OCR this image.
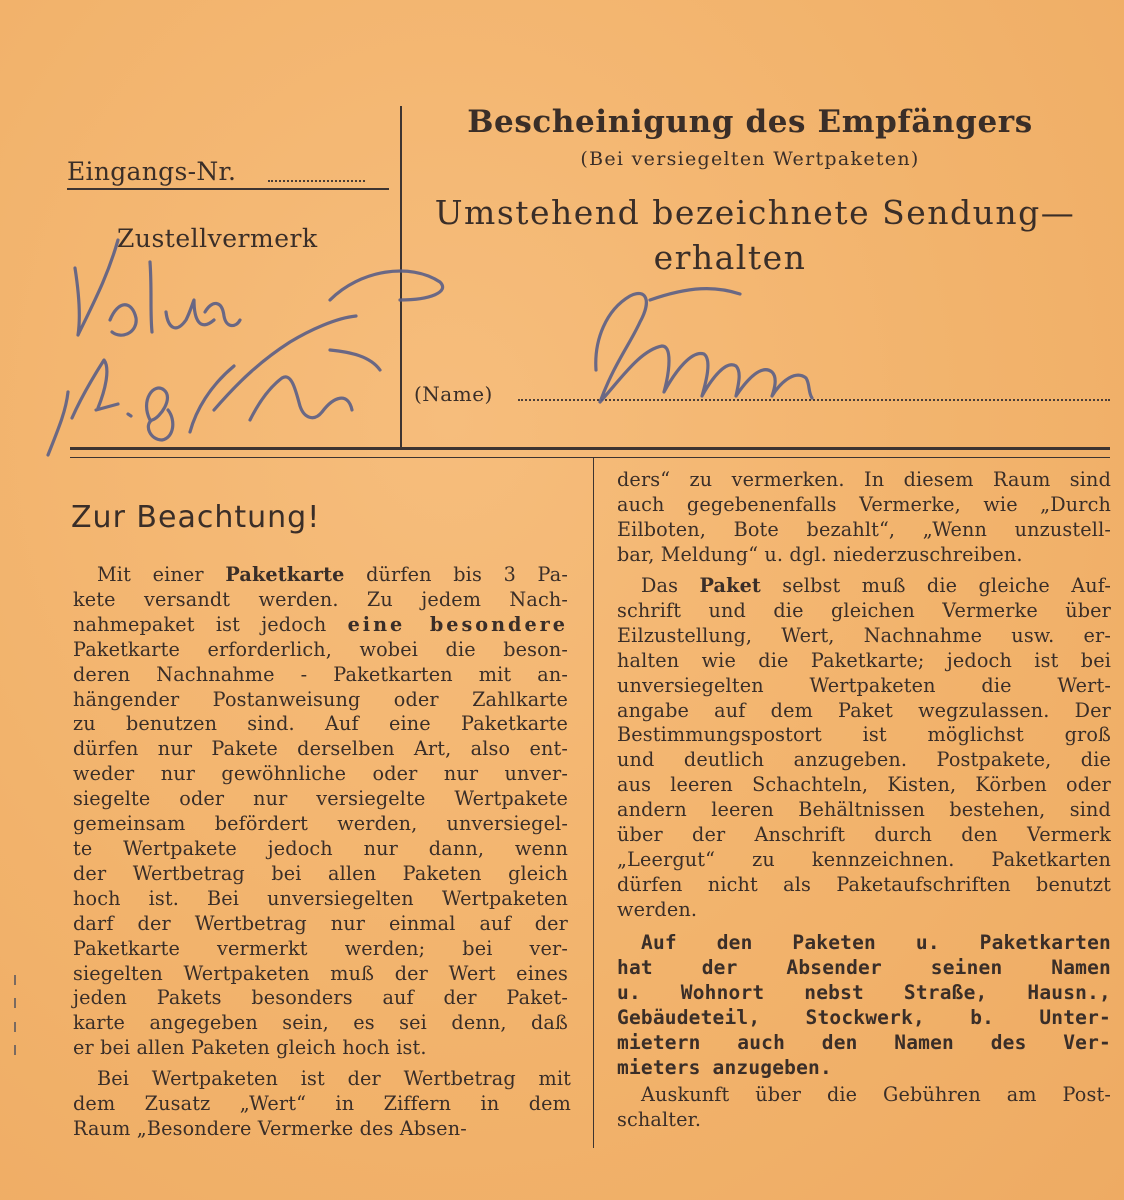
Eingangs-Nr.
Zustellvermerk
Bescheinigung des Empfängers
(Bei versiegelten Wertpaketen)
Umstehend bezeichnete Sendung—
erhalten
(Name)
Zur Beachtung!
Mit einer Paketkarte dürfen bis 3 Pa-
kete versandt werden. Zu jedem Nach-
nahmepaket ist jedoch eine besondere
Paketkarte erforderlich, wobei die beson-
deren Nachnahme - Paketkarten mit an-
hängender Postanweisung oder Zahlkarte
zu benutzen sind. Auf eine Paketkarte
dürfen nur Pakete derselben Art, also ent-
weder nur gewöhnliche oder nur unver-
siegelte oder nur versiegelte Wertpakete
gemeinsam befördert werden, unversiegel-
te Wertpakete jedoch nur dann, wenn
der Wertbetrag bei allen Paketen gleich
hoch ist. Bei unversiegelten Wertpaketen
darf der Wertbetrag nur einmal auf der
Paketkarte vermerkt werden; bei ver-
siegelten Wertpaketen muß der Wert eines
jeden Pakets besonders auf der Paket-
karte angegeben sein, es sei denn, daß
er bei allen Paketen gleich hoch ist.
Bei Wertpaketen ist der Wertbetrag mit
dem Zusatz „Wert“ in Ziffern in dem
Raum „Besondere Vermerke des Absen-
ders“ zu vermerken. In diesem Raum sind
auch gegebenenfalls Vermerke, wie „Durch
Eilboten, Bote bezahlt“, „Wenn unzustell-
bar, Meldung“ u. dgl. niederzuschreiben.
Das Paket selbst muß die gleiche Auf-
schrift und die gleichen Vermerke über
Eilzustellung, Wert, Nachnahme usw. er-
halten wie die Paketkarte; jedoch ist bei
unversiegelten Wertpaketen die Wert-
angabe auf dem Paket wegzulassen. Der
Bestimmungspostort ist möglichst groß
und deutlich anzugeben. Postpakete, die
aus leeren Schachteln, Kisten, Körben oder
andern leeren Behältnissen bestehen, sind
über der Anschrift durch den Vermerk
„Leergut“ zu kennzeichnen. Paketkarten
dürfen nicht als Paketaufschriften benutzt
werden.
Auf den Paketen u. Paketkarten
hat der Absender seinen Namen
u. Wohnort nebst Straße, Hausn.,
Gebäudeteil, Stockwerk, b. Unter-
mietern auch den Namen des Ver-
mieters anzugeben.
Auskunft über die Gebühren am Post-
schalter.
